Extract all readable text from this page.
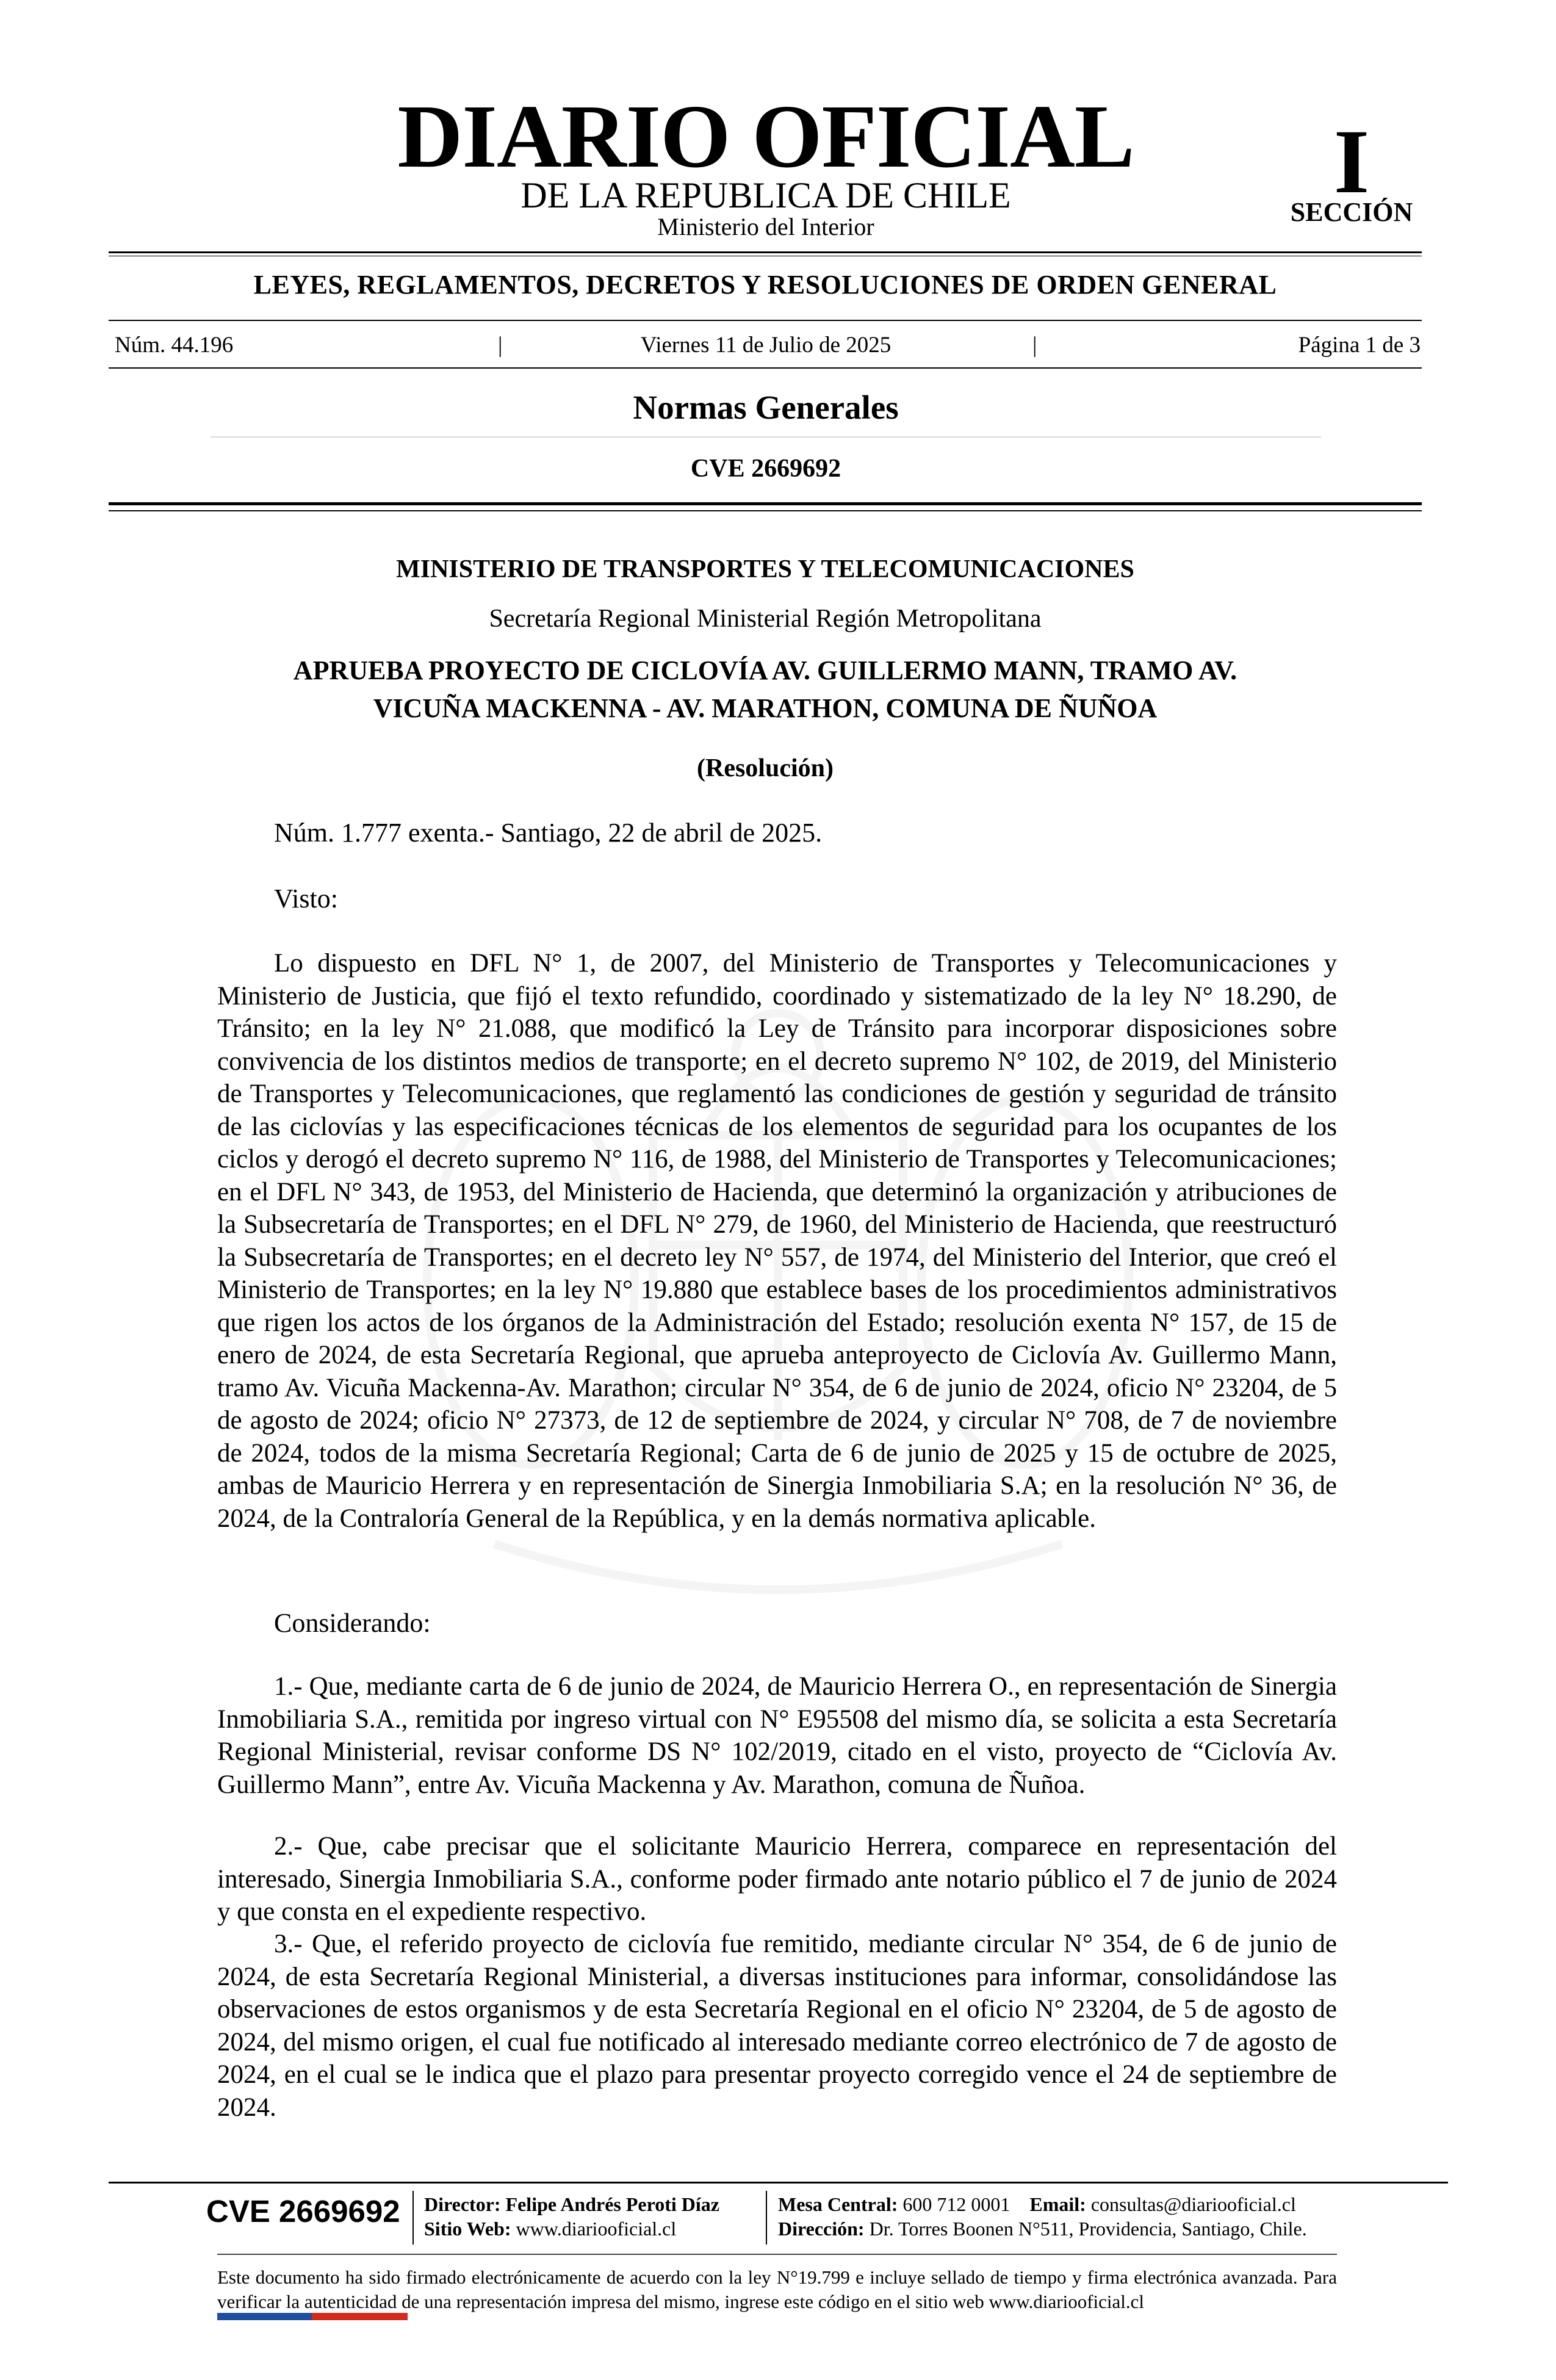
DIARIO OFICIAL
DE LA REPUBLICA DE CHILE
Ministerio del Interior
I
SECCIÓN
LEYES, REGLAMENTOS, DECRETOS Y RESOLUCIONES DE ORDEN GENERAL
Núm. 44.196	|	Viernes 11 de Julio de 2025	|	Página 1 de 3
Normas Generales
CVE 2669692
MINISTERIO DE TRANSPORTES Y TELECOMUNICACIONES
Secretaría Regional Ministerial Región Metropolitana
APRUEBA PROYECTO DE CICLOVÍA AV. GUILLERMO MANN, TRAMO AV.
VICUÑA MACKENNA - AV. MARATHON, COMUNA DE ÑUÑOA
(Resolución)
Núm. 1.777 exenta.- Santiago, 22 de abril de 2025.
Visto:

Lo dispuesto en DFL N° 1, de 2007, del Ministerio de Transportes y Telecomunicaciones y Ministerio de Justicia, que fijó el texto refundido, coordinado y sistematizado de la ley N° 18.290, de Tránsito; en la ley N° 21.088, que modificó la Ley de Tránsito para incorporar disposiciones sobre convivencia de los distintos medios de transporte; en el decreto supremo N° 102, de 2019, del Ministerio de Transportes y Telecomunicaciones, que reglamentó las condiciones de gestión y seguridad de tránsito de las ciclovías y las especificaciones técnicas de los elementos de seguridad para los ocupantes de los ciclos y derogó el decreto supremo N° 116, de 1988, del Ministerio de Transportes y Telecomunicaciones; en el DFL N° 343, de 1953, del Ministerio de Hacienda, que determinó la organización y atribuciones de la Subsecretaría de Transportes; en el DFL N° 279, de 1960, del Ministerio de Hacienda, que reestructuró la Subsecretaría de Transportes; en el decreto ley N° 557, de 1974, del Ministerio del Interior, que creó el Ministerio de Transportes; en la ley N° 19.880 que establece bases de los procedimientos administrativos que rigen los actos de los órganos de la Administración del Estado; resolución exenta N° 157, de 15 de enero de 2024, de esta Secretaría Regional, que aprueba anteproyecto de Ciclovía Av. Guillermo Mann, tramo Av. Vicuña Mackenna-Av. Marathon; circular N° 354, de 6 de junio de 2024, oficio N° 23204, de 5 de agosto de 2024; oficio N° 27373, de 12 de septiembre de 2024, y circular N° 708, de 7 de noviembre de 2024, todos de la misma Secretaría Regional; Carta de 6 de junio de 2025 y 15 de octubre de 2025, ambas de Mauricio Herrera y en representación de Sinergia Inmobiliaria S.A; en la resolución N° 36, de 2024, de la Contraloría General de la República, y en la demás normativa aplicable.

Considerando:

1.- Que, mediante carta de 6 de junio de 2024, de Mauricio Herrera O., en representación de Sinergia Inmobiliaria S.A., remitida por ingreso virtual con N° E95508 del mismo día, se solicita a esta Secretaría Regional Ministerial, revisar conforme DS N° 102/2019, citado en el visto, proyecto de “Ciclovía Av. Guillermo Mann”, entre Av. Vicuña Mackenna y Av. Marathon, comuna de Ñuñoa.

2.- Que, cabe precisar que el solicitante Mauricio Herrera, comparece en representación del interesado, Sinergia Inmobiliaria S.A., conforme poder firmado ante notario público el 7 de junio de 2024 y que consta en el expediente respectivo.

3.- Que, el referido proyecto de ciclovía fue remitido, mediante circular N° 354, de 6 de junio de 2024, de esta Secretaría Regional Ministerial, a diversas instituciones para informar, consolidándose las observaciones de estos organismos y de esta Secretaría Regional en el oficio N° 23204, de 5 de agosto de 2024, del mismo origen, el cual fue notificado al interesado mediante correo electrónico de 7 de agosto de 2024, en el cual se le indica que el plazo para presentar proyecto corregido vence el 24 de septiembre de 2024.

CVE 2669692 Director: Felipe Andrés Peroti Díaz
Sitio Web: www.diariooficial.cl
Mesa Central: 600 712 0001 Email: consultas@diariooficial.cl
Dirección: Dr. Torres Boonen N°511, Providencia, Santiago, Chile.

Este documento ha sido firmado electrónicamente de acuerdo con la ley N°19.799 e incluye sellado de tiempo y firma electrónica avanzada. Para verificar la autenticidad de una representación impresa del mismo, ingrese este código en el sitio web www.diariooficial.cl
